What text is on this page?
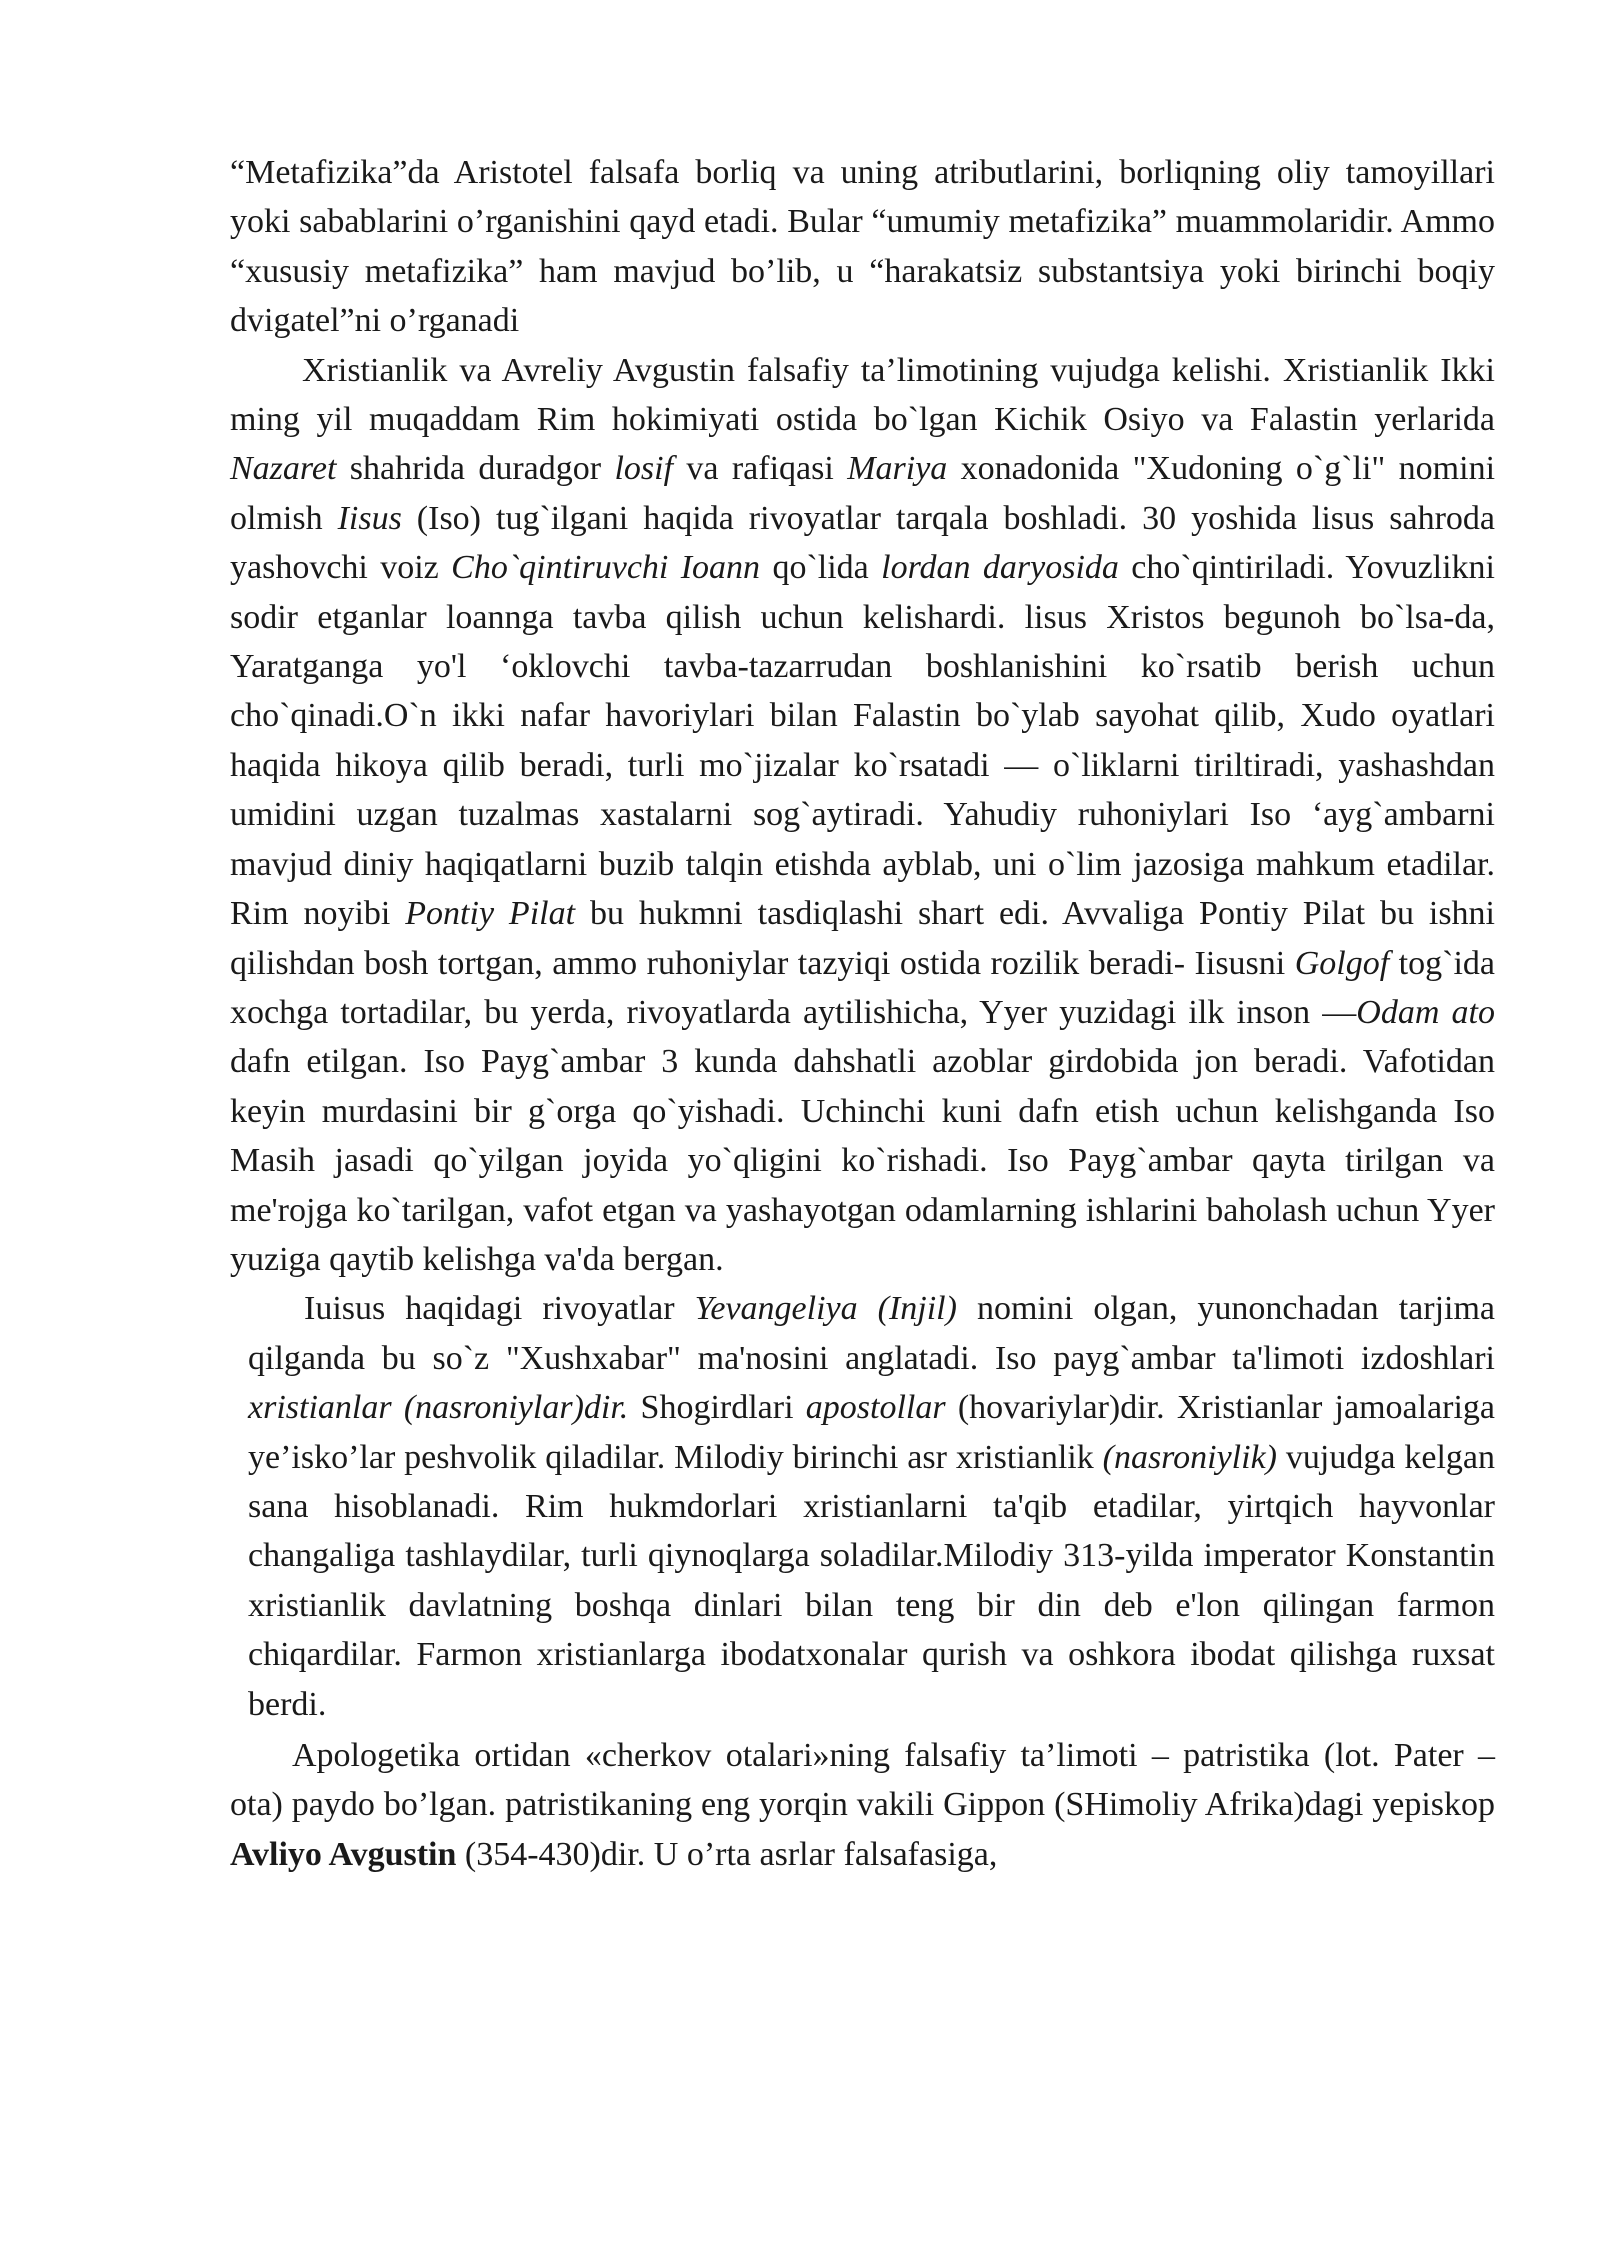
“Metafizika”da Aristotel falsafa borliq va uning atributlarini, borliqning oliy tamoyillari yoki sabablarini o’rganishini qayd etadi. Bular “umumiy metafizika” muammolaridir. Ammo “xususiy metafizika” ham mavjud bo’lib, u “harakatsiz substantsiya yoki birinchi boqiy dvigatel”ni o’rganadi

Xristianlik va Avreliy Avgustin falsafiy ta’limotining vujudga kelishi. Xristianlik Ikki ming yil muqaddam Rim hokimiyati ostida bo`lgan Kichik Osiyo va Falastin yerlarida Nazaret shahrida duradgor losif va rafiqasi Mariya xonadonida "Xudoning o`g`li" nomini olmish Iisus (Iso) tug`ilgani haqida rivoyatlar tarqala boshladi. 30 yoshida lisus sahroda yashovchi voiz Cho`qintiruvchi Ioann qo`lida lordan daryosida cho`qintiriladi. Yovuzlikni sodir etganlar loannga tavba qilish uchun kelishardi. lisus Xristos begunoh bo`lsa-da, Yaratganga yo'l ‘oklovchi tavba-tazarrudan boshlanishini ko`rsatib berish uchun cho`qinadi.O`n ikki nafar havoriylari bilan Falastin bo`ylab sayohat qilib, Xudo oyatlari haqida hikoya qilib beradi, turli mo`jizalar ko`rsatadi — o`liklarni tiriltiradi, yashashdan umidini uzgan tuzalmas xastalarni sog`aytiradi. Yahudiy ruhoniylari Iso ‘ayg`ambarni mavjud diniy haqiqatlarni buzib talqin etishda ayblab, uni o`lim jazosiga mahkum etadilar. Rim noyibi Pontiy Pilat bu hukmni tasdiqlashi shart edi. Avvaliga Pontiy Pilat bu ishni qilishdan bosh tortgan, ammo ruhoniylar tazyiqi ostida rozilik beradi- Iisusni Golgof tog`ida xochga tortadilar, bu yerda, rivoyatlarda aytilishicha, Yyer yuzidagi ilk inson —Odam ato dafn etilgan. Iso Payg`ambar 3 kunda dahshatli azoblar girdobida jon beradi. Vafotidan keyin murdasini bir g`orga qo`yishadi. Uchinchi kuni dafn etish uchun kelishganda Iso Masih jasadi qo`yilgan joyida yo`qligini ko`rishadi. Iso Payg`ambar qayta tirilgan va me'rojga ko`tarilgan, vafot etgan va yashayotgan odamlarning ishlarini baholash uchun Yyer yuziga qaytib kelishga va'da bergan.

Iuisus haqidagi rivoyatlar Yevangeliya (Injil) nomini olgan, yunonchadan tarjima qilganda bu so`z "Xushxabar" ma'nosini anglatadi. Iso payg`ambar ta'limoti izdoshlari xristianlar (nasroniylar)dir. Shogirdlari apostollar (hovariylar)dir. Xristianlar jamoalariga ye’isko’lar peshvolik qiladilar. Milodiy birinchi asr xristianlik (nasroniylik) vujudga kelgan sana hisoblanadi. Rim hukmdorlari xristianlarni ta'qib etadilar, yirtqich hayvonlar changaliga tashlaydilar, turli qiynoqlarga soladilar.Milodiy 313-yilda imperator Konstantin xristianlik davlatning boshqa dinlari bilan teng bir din deb e'lon qilingan farmon chiqardilar. Farmon xristianlarga ibodatxonalar qurish va oshkora ibodat qilishga ruxsat berdi.

Apologetika ortidan «cherkov otalari»ning falsafiy ta’limoti – patristika (lot. Pater – ota) paydo bo’lgan. patristikaning eng yorqin vakili Gippon (SHimoliy Afrika)dagi yepiskop Avliyo Avgustin (354-430)dir. U o’rta asrlar falsafasiga,
